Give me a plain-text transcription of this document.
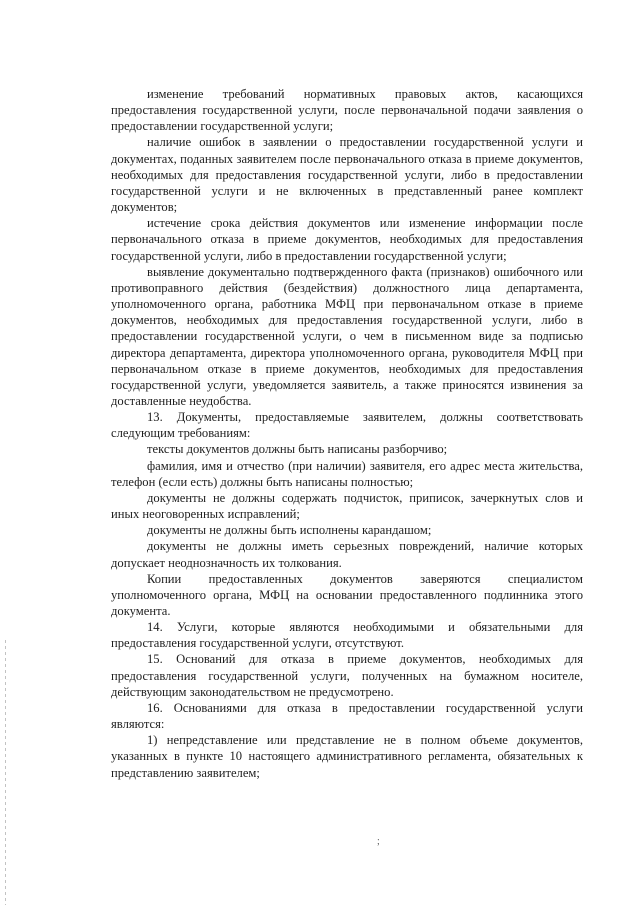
изменение требований нормативных правовых актов, касающихся предоставления государственной услуги, после первоначальной подачи заявления о предоставлении государственной услуги;

наличие ошибок в заявлении о предоставлении государственной услуги и документах, поданных заявителем после первоначального отказа в приеме документов, необходимых для предоставления государственной услуги, либо в предоставлении государственной услуги и не включенных в представленный ранее комплект документов;

истечение срока действия документов или изменение информации после первоначального отказа в приеме документов, необходимых для предоставления государственной услуги, либо в предоставлении государственной услуги;

выявление документально подтвержденного факта (признаков) ошибочного или противоправного действия (бездействия) должностного лица департамента, уполномоченного органа, работника МФЦ при первоначальном отказе в приеме документов, необходимых для предоставления государственной услуги, либо в предоставлении государственной услуги, о чем в письменном виде за подписью директора департамента, директора уполномоченного органа, руководителя МФЦ при первоначальном отказе в приеме документов, необходимых для предоставления государственной услуги, уведомляется заявитель, а также приносятся извинения за доставленные неудобства.

13. Документы, предоставляемые заявителем, должны соответствовать следующим требованиям:

тексты документов должны быть написаны разборчиво;

фамилия, имя и отчество (при наличии) заявителя, его адрес места жительства, телефон (если есть) должны быть написаны полностью;

документы не должны содержать подчисток, приписок, зачеркнутых слов и иных неоговоренных исправлений;

документы не должны быть исполнены карандашом;

документы не должны иметь серьезных повреждений, наличие которых допускает неоднозначность их толкования.

Копии предоставленных документов заверяются специалистом уполномоченного органа, МФЦ на основании предоставленного подлинника этого документа.

14. Услуги, которые являются необходимыми и обязательными для предоставления государственной услуги, отсутствуют.

15. Оснований для отказа в приеме документов, необходимых для предоставления государственной услуги, полученных на бумажном носителе, действующим законодательством не предусмотрено.

16. Основаниями для отказа в предоставлении государственной услуги являются:

1) непредставление или представление не в полном объеме документов, указанных в пункте 10 настоящего административного регламента, обязательных к представлению заявителем;

;
